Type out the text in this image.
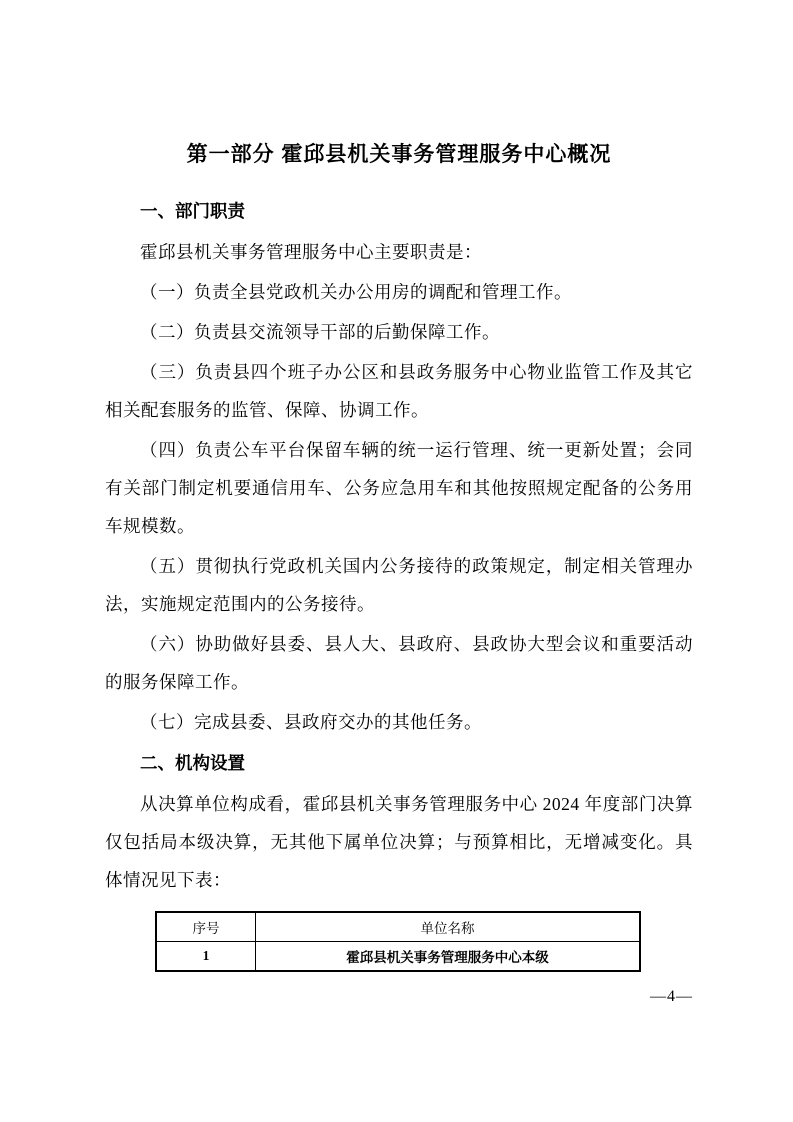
第一部分 霍邱县机关事务管理服务中心概况
一、部门职责

霍邱县机关事务管理服务中心主要职责是：

（一）负责全县党政机关办公用房的调配和管理工作。

（二）负责县交流领导干部的后勤保障工作。

（三）负责县四个班子办公区和县政务服务中心物业监管工作及其它相关配套服务的监管、保障、协调工作。

（四）负责公车平台保留车辆的统一运行管理、统一更新处置；会同有关部门制定机要通信用车、公务应急用车和其他按照规定配备的公务用车规模数。

（五）贯彻执行党政机关国内公务接待的政策规定，制定相关管理办法，实施规定范围内的公务接待。

（六）协助做好县委、县人大、县政府、县政协大型会议和重要活动的服务保障工作。

（七）完成县委、县政府交办的其他任务。

二、机构设置

从决算单位构成看，霍邱县机关事务管理服务中心 2024 年度部门决算仅包括局本级决算，无其他下属单位决算；与预算相比，无增减变化。具体情况见下表：

序号	单位名称
1	霍邱县机关事务管理服务中心本级
—4—
